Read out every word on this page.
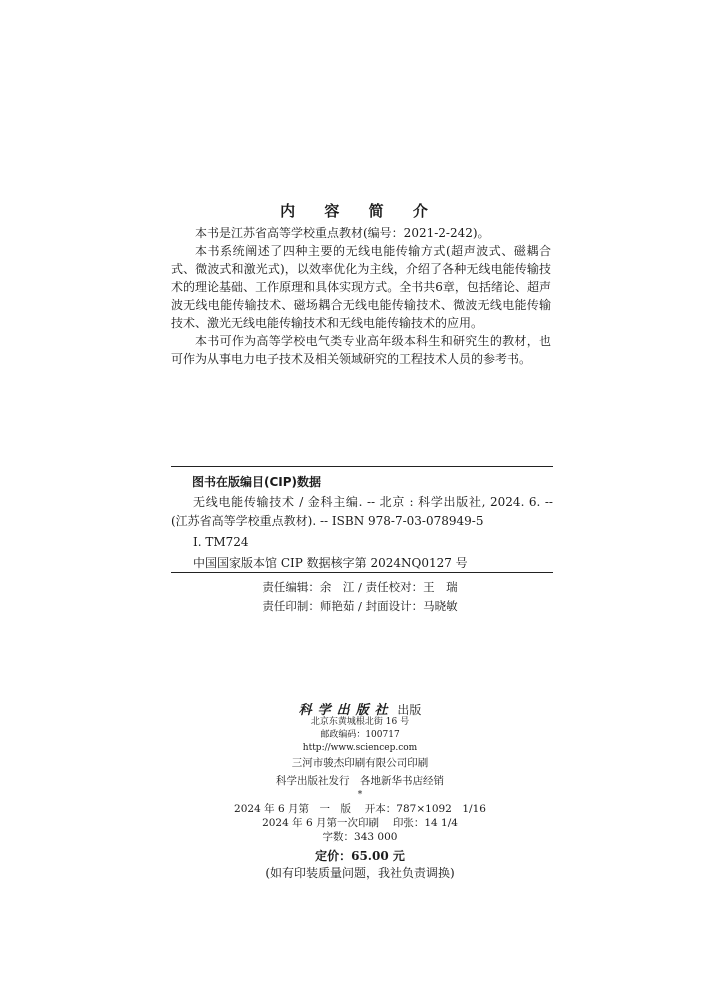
内 容 简 介

本书是江苏省高等学校重点教材(编号：2021-2-242)。

本书系统阐述了四种主要的无线电能传输方式(超声波式、磁耦合式、微波式和激光式)，以效率优化为主线，介绍了各种无线电能传输技术的理论基础、工作原理和具体实现方式。全书共6章，包括绪论、超声波无线电能传输技术、磁场耦合无线电能传输技术、微波无线电能传输技术、激光无线电能传输技术和无线电能传输技术的应用。

本书可作为高等学校电气类专业高年级本科生和研究生的教材，也可作为从事电力电子技术及相关领域研究的工程技术人员的参考书。

图书在版编目(CIP)数据

无线电能传输技术 / 金科主编. -- 北京 : 科学出版社, 2024. 6. -- (江苏省高等学校重点教材). -- ISBN 978-7-03-078949-5

Ⅰ. TM724
中国国家版本馆 CIP 数据核字第 2024NQ0127 号
责任编辑：余　江 / 责任校对：王　瑞
责任印制：师艳茹 / 封面设计：马晓敏
科学出版社 出版
北京东黄城根北街 16 号
邮政编码：100717
http://www.sciencep.com
三河市骏杰印刷有限公司印刷
科学出版社发行　各地新华书店经销
*
2024 年 6 月第　一　版　 开本：787×1092　1/16
2024 年 6 月第一次印刷　 印张：14 1/4
字数：343 000
定价：65.00 元
(如有印装质量问题，我社负责调换)
